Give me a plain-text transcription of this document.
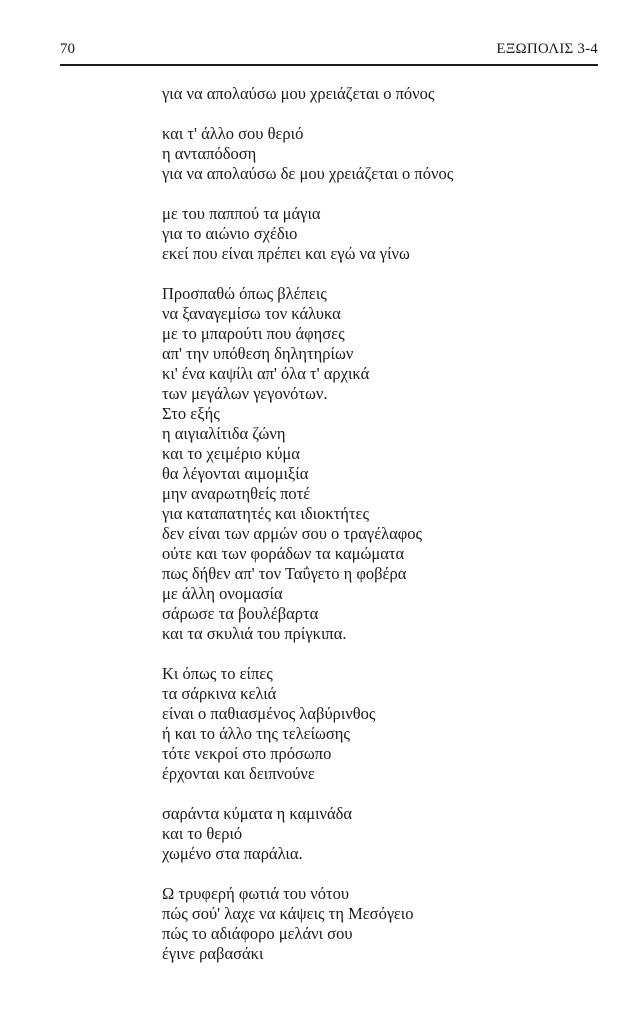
70	ΕΞΩΠΟΛΙΣ 3-4
για να απολαύσω μου χρειάζεται ο πόνος
και τ' άλλο σου θεριό
η ανταπόδοση
για να απολαύσω δε μου χρειάζεται ο πόνος
με του παππού τα μάγια
για το αιώνιο σχέδιο
εκεί που είναι πρέπει και εγώ να γίνω
Προσπαθώ όπως βλέπεις
να ξαναγεμίσω τον κάλυκα
με το μπαρούτι που άφησες
απ' την υπόθεση δηλητηρίων
κι' ένα καψίλι απ' όλα τ' αρχικά
των μεγάλων γεγονότων.
Στο εξής
η αιγιαλίτιδα ζώνη
και το χειμέριο κύμα
θα λέγονται αιμομιξία
μην αναρωτηθείς ποτέ
για καταπατητές και ιδιοκτήτες
δεν είναι των αρμών σου ο τραγέλαφος
ούτε και των φοράδων τα καμώματα
πως δήθεν απ' τον Ταΰγετο η φοβέρα
με άλλη ονομασία
σάρωσε τα βουλέβαρτα
και τα σκυλιά του πρίγκιπα.
Κι όπως το είπες
τα σάρκινα κελιά
είναι ο παθιασμένος λαβύρινθος
ή και το άλλο της τελείωσης
τότε νεκροί στο πρόσωπο
έρχονται και δειπνούνε
σαράντα κύματα η καμινάδα
και το θεριό
χωμένο στα παράλια.
Ω τρυφερή φωτιά του νότου
πώς σού' λαχε να κάψεις τη Μεσόγειο
πώς το αδιάφορο μελάνι σου
έγινε ραβασάκι
